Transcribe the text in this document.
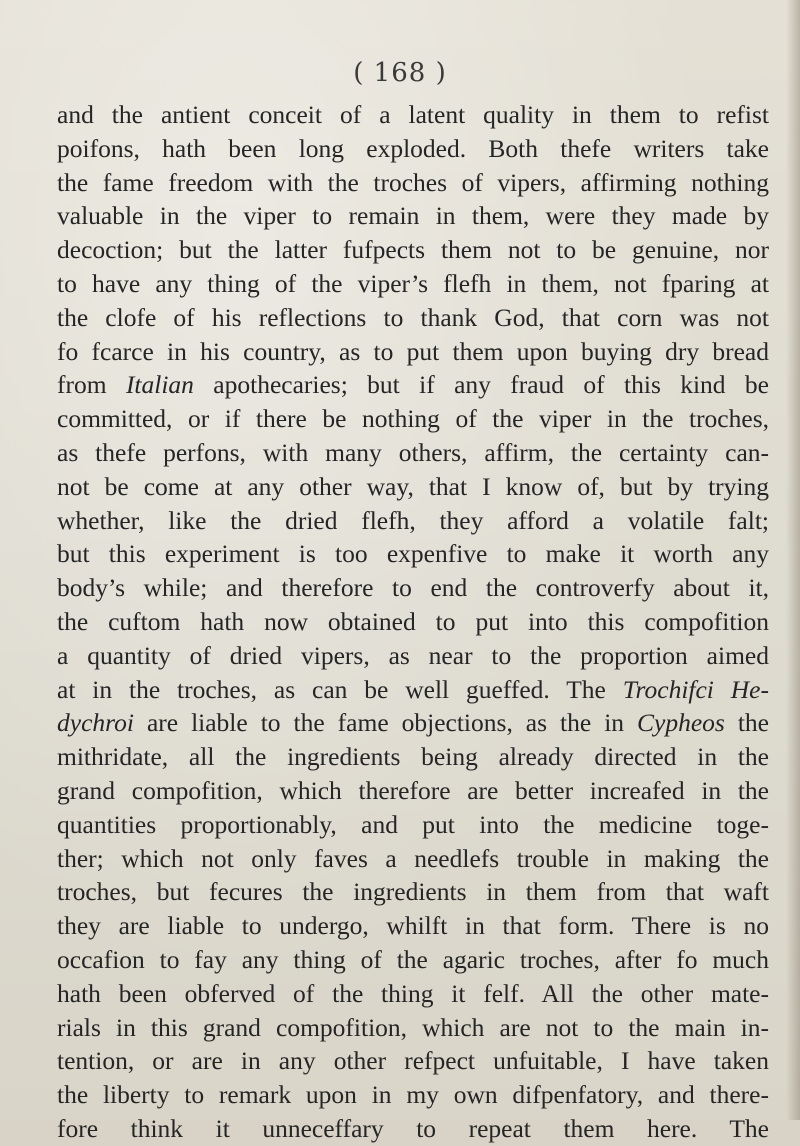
( 168 )
and the antient conceit of a latent quality in them to refist
poifons, hath been long exploded. Both thefe writers take
the fame freedom with the troches of vipers, affirming nothing
valuable in the viper to remain in them, were they made by
decoction; but the latter fufpects them not to be genuine, nor
to have any thing of the viper’s flefh in them, not fparing at
the clofe of his reflections to thank God, that corn was not
fo fcarce in his country, as to put them upon buying dry bread
from Italian apothecaries; but if any fraud of this kind be
committed, or if there be nothing of the viper in the troches,
as thefe perfons, with many others, affirm, the certainty can-
not be come at any other way, that I know of, but by trying
whether, like the dried flefh, they afford a volatile falt;
but this experiment is too expenfive to make it worth any
body’s while; and therefore to end the controverfy about it,
the cuftom hath now obtained to put into this compofition
a quantity of dried vipers, as near to the proportion aimed
at in the troches, as can be well gueffed. The Trochifci He-
dychroi are liable to the fame objections, as the in Cypheos the
mithridate, all the ingredients being already directed in the
grand compofition, which therefore are better increafed in the
quantities proportionably, and put into the medicine toge-
ther; which not only faves a needlefs trouble in making the
troches, but fecures the ingredients in them from that waft
they are liable to undergo, whilft in that form. There is no
occafion to fay any thing of the agaric troches, after fo much
hath been obferved of the thing it felf. All the other mate-
rials in this grand compofition, which are not to the main in-
tention, or are in any other refpect unfuitable, I have taken
the liberty to remark upon in my own difpenfatory, and there-
fore think it unneceffary to repeat them here. The
